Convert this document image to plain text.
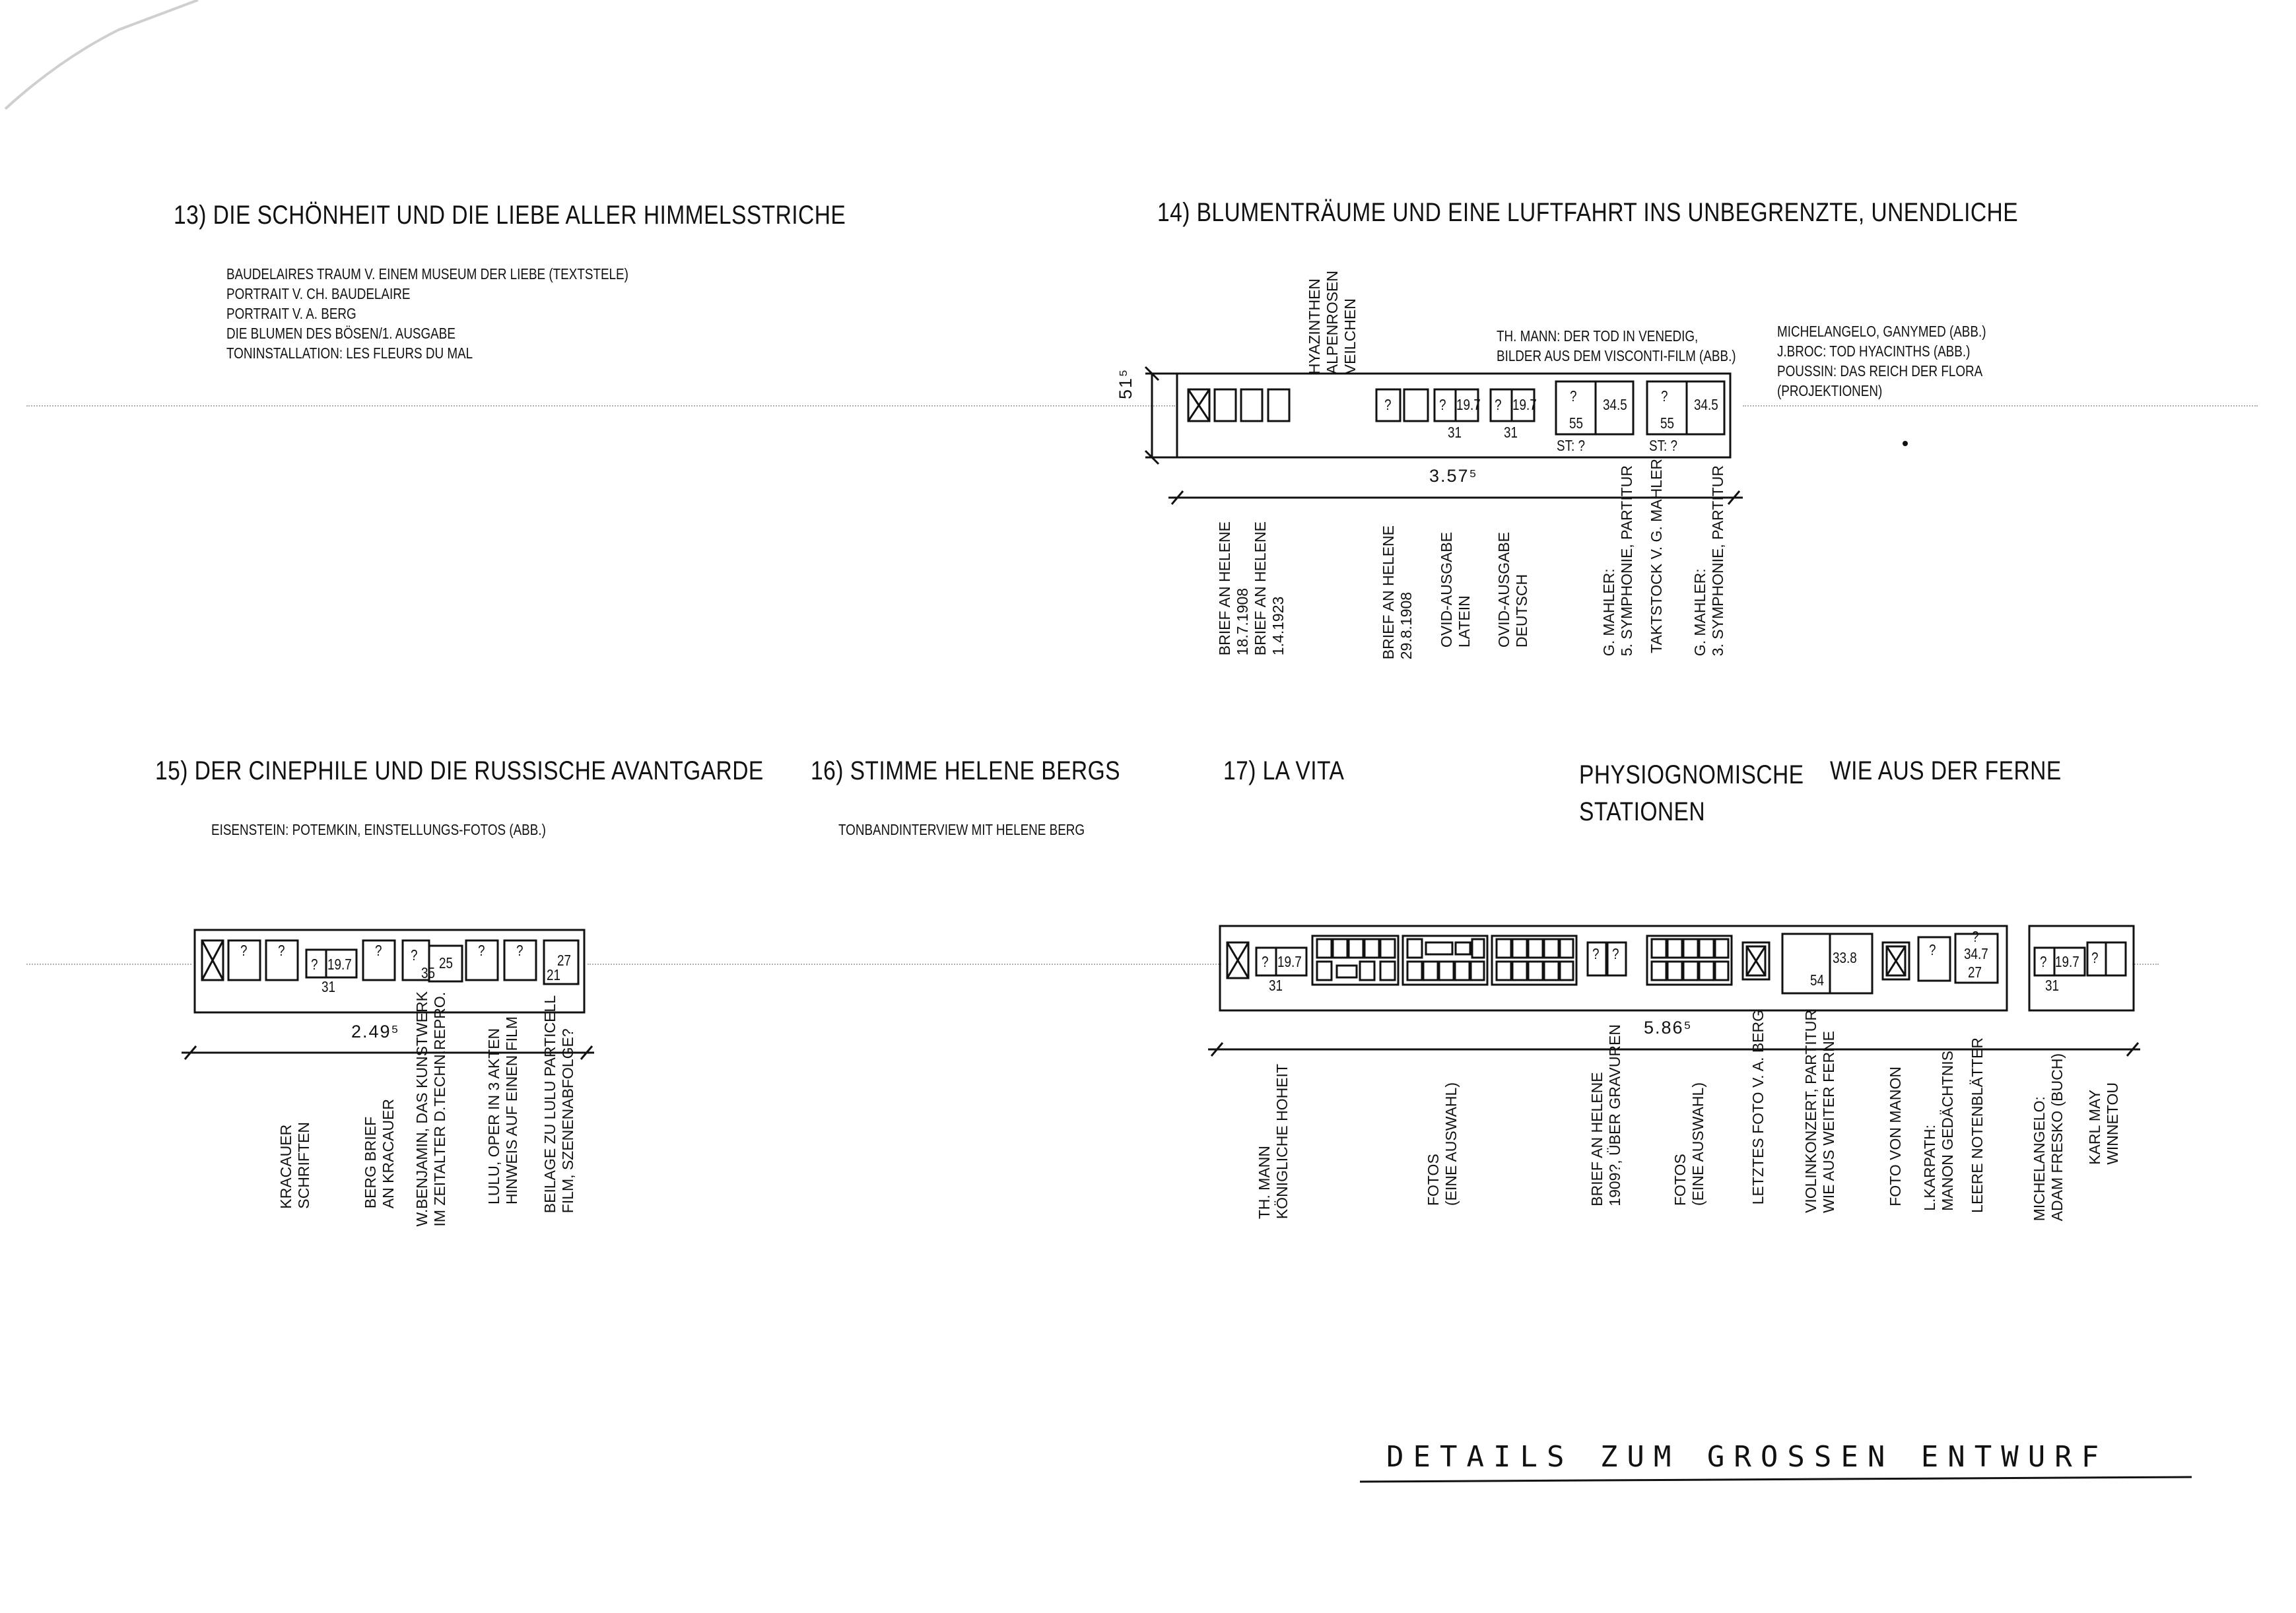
13) DIE SCHÖNHEIT UND DIE LIEBE ALLER HIMMELSSTRICHE
BAUDELAIRES TRAUM V. EINEM MUSEUM DER LIEBE (TEXTSTELE)
PORTRAIT V. CH. BAUDELAIRE
PORTRAIT V. A. BERG
DIE BLUMEN DES BÖSEN/1. AUSGABE
TONINSTALLATION: LES FLEURS DU MAL
14) BLUMENTRÄUME UND EINE LUFTFAHRT INS UNBEGRENZTE, UNENDLICHE
HYAZINTHEN ALPENROSEN VEILCHEN	TH. MANN: DER TOD IN VENEDIG,
BILDER AUS DEM VISCONTI-FILM (ABB.)
MICHELANGELO, GANYMED (ABB.)
J.BROC: TOD HYACINTHS (ABB.)
POUSSIN: DAS REICH DER FLORA
(PROJEKTIONEN)
?	? 19.7 ? 19.7
31	31
?
55
34.5 ?
55
34.5
ST: ?	ST: ?
51⁵
3.57⁵
BRIEF AN HELENE 18.7.1908 BRIEF AN HELENE 1.4.1923	BRIEF AN HELENE 29.8.1908 OVID-AUSGABE LATEIN OVID-AUSGABE DEUTSCH	G. MAHLER: 5. SYMPHONIE, PARTITUR TAKTSTOCK V. G. MAHLER G. MAHLER: 3. SYMPHONIE, PARTITUR
15) DER CINEPHILE UND DIE RUSSISCHE AVANTGARDE
EISENSTEIN: POTEMKIN, EINSTELLUNGS-FOTOS (ABB.)
? ?
? 19.7
31
? ?
35
25
? ?
27
21
2.49⁵
KRACAUER SCHRIFTEN	BERG BRIEF AN KRACAUER W.BENJAMIN, DAS KUNSTWERK IM ZEITALTER D.TECHN.REPRO. LULU, OPER IN 3 AKTEN HINWEIS AUF EINEN FILM BEILAGE ZU LULU PARTICELL FILM, SZENENABFOLGE?
16) STIMME HELENE BERGS
TONBANDINTERVIEW MIT HELENE BERG
17) LA VITA	PHYSIOGNOMISCHE
STATIONEN
WIE AUS DER FERNE
? 19.7
31
? ?	33.8
54
?
?
34.7
27
? 19.7 ?
31
5.86⁵
TH. MANN KÖNIGLICHE HOHEIT	FOTOS (EINE AUSWAHL)	BRIEF AN HELENE 1909?, ÜBER GRAVUREN	FOTOS (EINE AUSWAHL)	LETZTES FOTO V. A. BERG VIOLINKONZERT, PARTITUR WIE AUS WEITER FERNE	FOTO VON MANON L.KARPATH: MANON GEDÄCHTNIS LEERE NOTENBLÄTTER	MICHELANGELO: ADAM FRESKO (BUCH) KARL MAY WINNETOU
DETAILS ZUM GROSSEN ENTWURF
